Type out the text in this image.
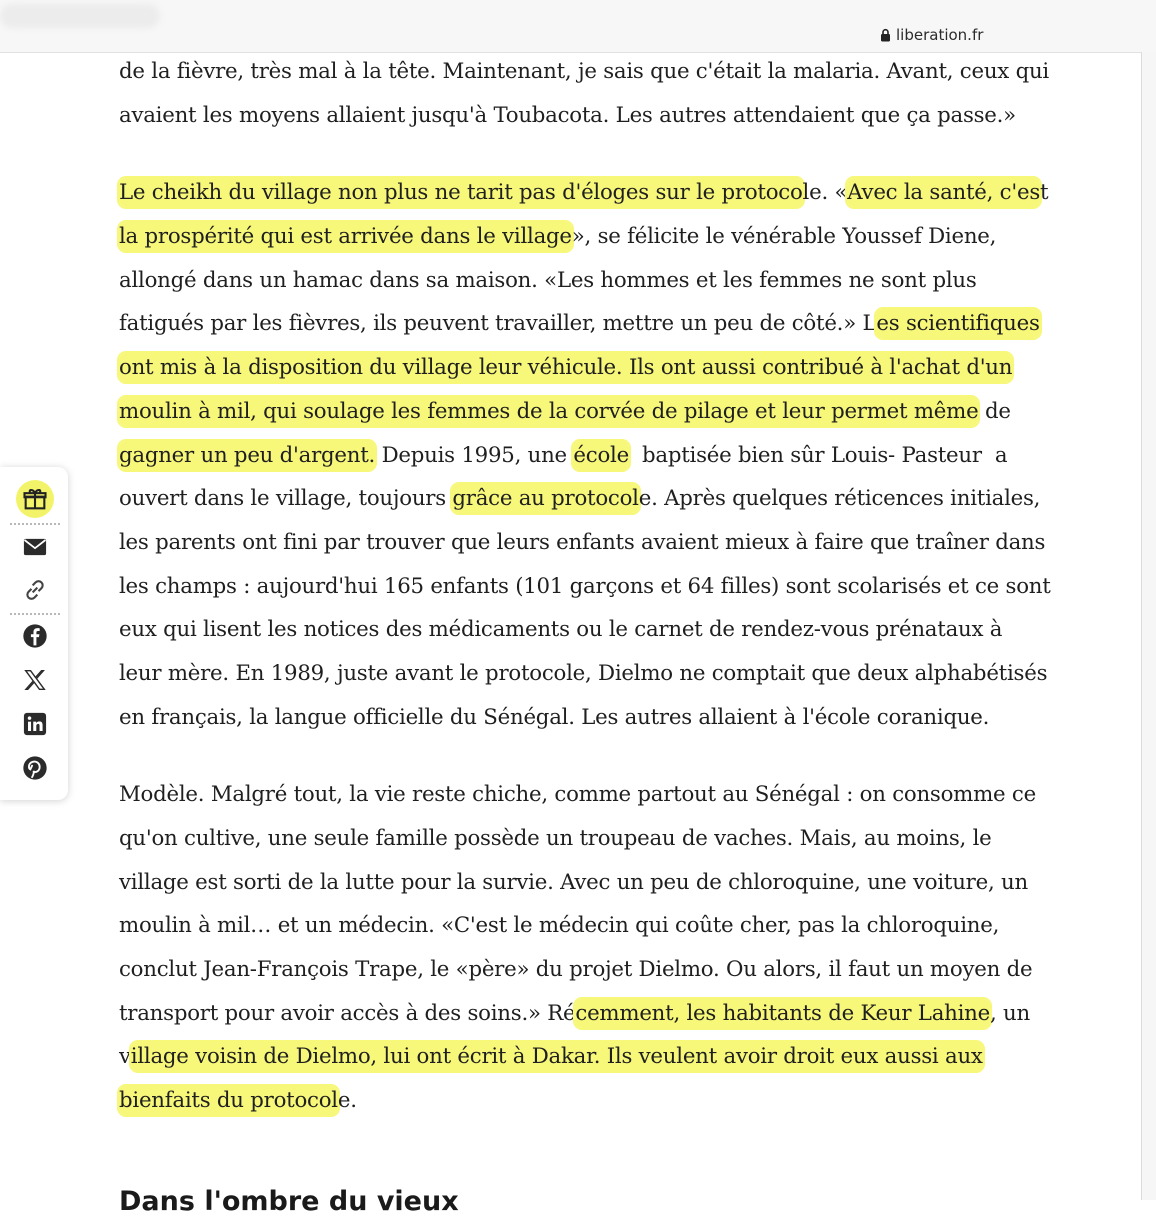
liberation.fr

de la fièvre, très mal à la tête. Maintenant, je sais que c'était la malaria. Avant, ceux qui
avaient les moyens allaient jusqu'à Toubacota. Les autres attendaient que ça passe.»

Le cheikh du village non plus ne tarit pas d'éloges sur le protocole. «Avec la santé, c'est
la prospérité qui est arrivée dans le village», se félicite le vénérable Youssef Diene,
allongé dans un hamac dans sa maison. «Les hommes et les femmes ne sont plus
fatigués par les fièvres, ils peuvent travailler, mettre un peu de côté.» Les scientifiques
ont mis à la disposition du village leur véhicule. Ils ont aussi contribué à l'achat d'un
moulin à mil, qui soulage les femmes de la corvée de pilage et leur permet même de
gagner un peu d'argent. Depuis 1995, une école  baptisée bien sûr Louis- Pasteur  a
ouvert dans le village, toujours grâce au protocole. Après quelques réticences initiales,
les parents ont fini par trouver que leurs enfants avaient mieux à faire que traîner dans
les champs : aujourd'hui 165 enfants (101 garçons et 64 filles) sont scolarisés et ce sont
eux qui lisent les notices des médicaments ou le carnet de rendez-vous prénataux à
leur mère. En 1989, juste avant le protocole, Dielmo ne comptait que deux alphabétisés
en français, la langue officielle du Sénégal. Les autres allaient à l'école coranique.

Modèle. Malgré tout, la vie reste chiche, comme partout au Sénégal : on consomme ce
qu'on cultive, une seule famille possède un troupeau de vaches. Mais, au moins, le
village est sorti de la lutte pour la survie. Avec un peu de chloroquine, une voiture, un
moulin à mil… et un médecin. «C'est le médecin qui coûte cher, pas la chloroquine,
conclut Jean-François Trape, le «père» du projet Dielmo. Ou alors, il faut un moyen de
transport pour avoir accès à des soins.» Récemment, les habitants de Keur Lahine, un
village voisin de Dielmo, lui ont écrit à Dakar. Ils veulent avoir droit eux aussi aux
bienfaits du protocole.

Dans l'ombre du vieux
